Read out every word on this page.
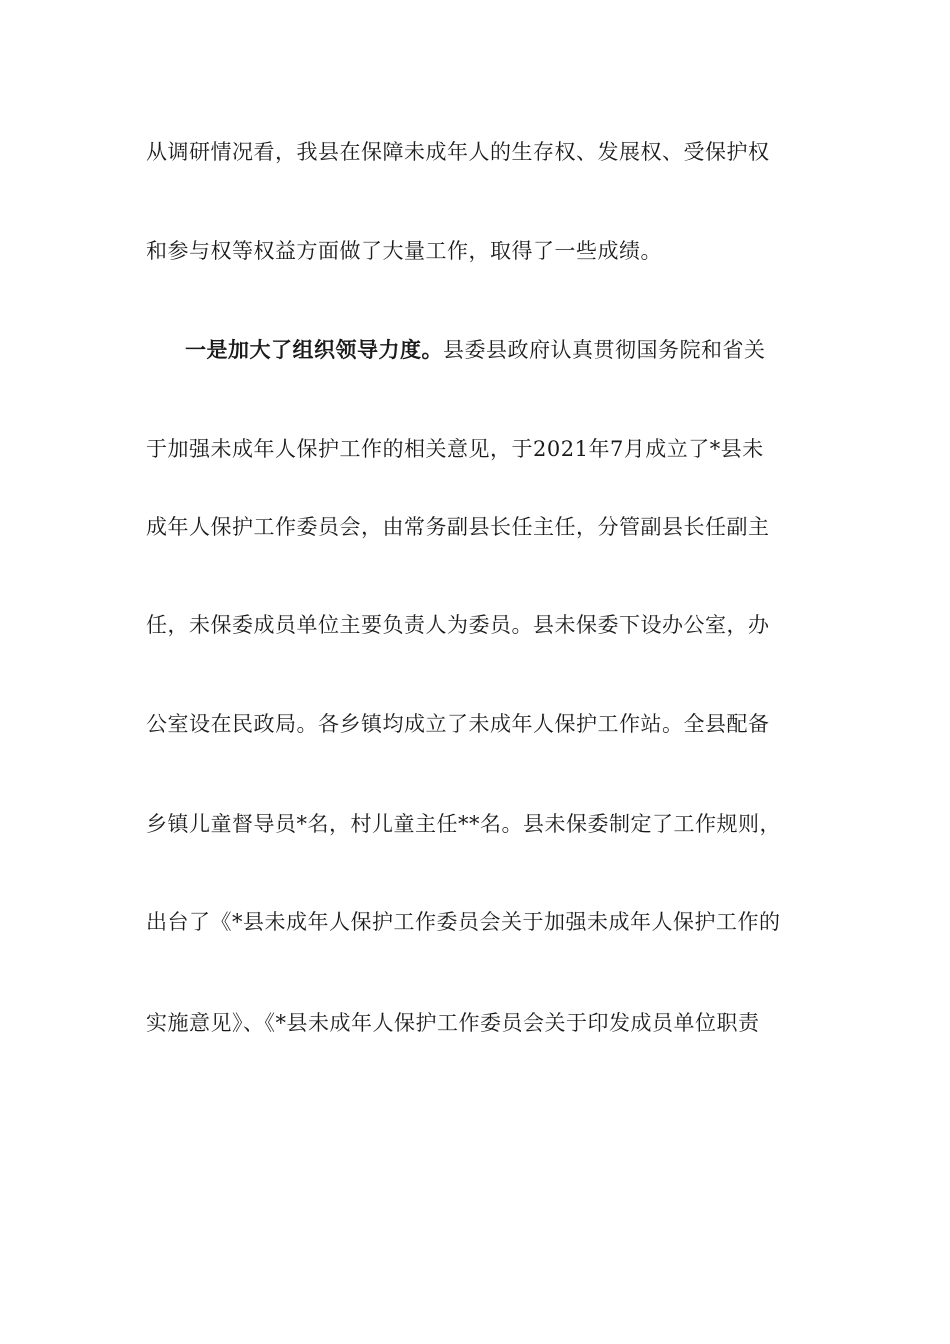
从调研情况看，我县在保障未成年人的生存权、发展权、受保护权
和参与权等权益方面做了大量工作，取得了一些成绩。
一是加大了组织领导力度。县委县政府认真贯彻国务院和省关
于加强未成年人保护工作的相关意见，于2021年7月成立了*县未
成年人保护工作委员会，由常务副县长任主任，分管副县长任副主
任，未保委成员单位主要负责人为委员。县未保委下设办公室，办
公室设在民政局。各乡镇均成立了未成年人保护工作站。全县配备
乡镇儿童督导员*名，村儿童主任**名。县未保委制定了工作规则，
出台了《*县未成年人保护工作委员会关于加强未成年人保护工作的
实施意见》、《*县未成年人保护工作委员会关于印发成员单位职责
